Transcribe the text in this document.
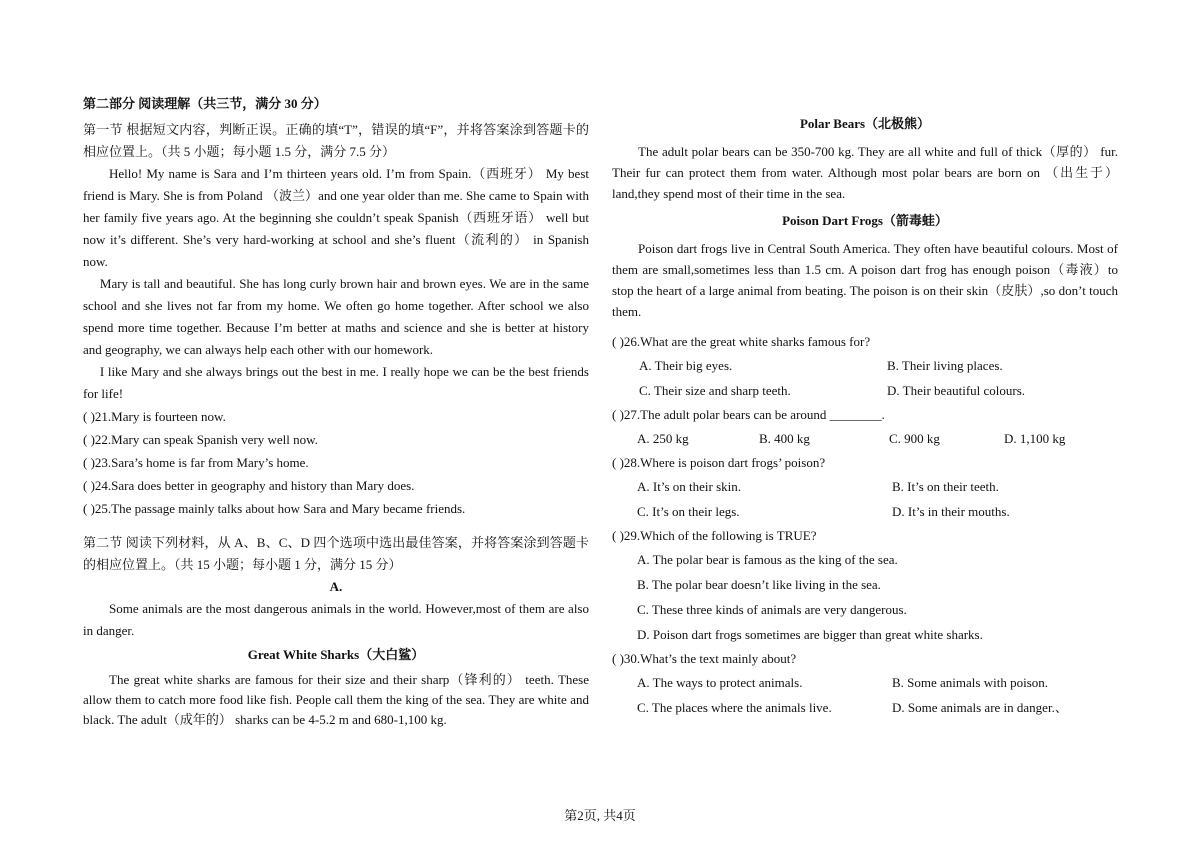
第二部分 阅读理解（共三节，满分 30 分）

第一节 根据短文内容，判断正误。正确的填“T”，错误的填“F”，并将答案涂到答题卡的相应位置上。（共 5 小题；每小题 1.5 分，满分 7.5 分）

Hello! My name is Sara and I’m thirteen years old. I’m from Spain.（西班牙） My best friend is Mary. She is from Poland （波兰）and one year older than me. She came to Spain with her family five years ago. At the beginning she couldn’t speak Spanish（西班牙语） well but now it’s different. She’s very hard-working at school and she’s fluent（流利的） in Spanish now.

Mary is tall and beautiful. She has long curly brown hair and brown eyes. We are in the same school and she lives not far from my home. We often go home together. After school we also spend more time together. Because I’m better at maths and science and she is better at history and geography, we can always help each other with our homework.

I like Mary and she always brings out the best in me. I really hope we can be the best friends for life!

( )21.Mary is fourteen now.

( )22.Mary can speak Spanish very well now.

( )23.Sara’s home is far from Mary’s home.

( )24.Sara does better in geography and history than Mary does.

( )25.The passage mainly talks about how Sara and Mary became friends.

第二节 阅读下列材料，从 A、B、C、D 四个选项中选出最佳答案，并将答案涂到答题卡的相应位置上。（共 15 小题；每小题 1 分，满分 15 分）

A.

Some animals are the most dangerous animals in the world. However,most of them are also in danger.

Great White Sharks（大白鲨）

The great white sharks are famous for their size and their sharp（锋利的） teeth. These allow them to catch more food like fish. People call them the king of the sea. They are white and black. The adult（成年的） sharks can be 4-5.2 m and 680-1,100 kg.

Polar Bears（北极熊）

The adult polar bears can be 350-700 kg. They are all white and full of thick（厚的） fur. Their fur can protect them from water. Although most polar bears are born on （出生于）land,they spend most of their time in the sea.

Poison Dart Frogs（箭毒蛙）

Poison dart frogs live in Central South America. They often have beautiful colours. Most of them are small,sometimes less than 1.5 cm. A poison dart frog has enough poison（毒液）to stop the heart of a large animal from beating. The poison is on their skin（皮肤）,so don’t touch them.

( )26.What are the great white sharks famous for?

A. Their big eyes.	B. Their living places.
C. Their size and sharp teeth.	D. Their beautiful colours.

( )27.The adult polar bears can be around ________.

A. 250 kg	B. 400 kg	C. 900 kg	D. 1,100 kg

( )28.Where is poison dart frogs’ poison?

A. It’s on their skin.	B. It’s on their teeth.
C. It’s on their legs.	D. It’s in their mouths.

( )29.Which of the following is TRUE?

A. The polar bear is famous as the king of the sea.
B. The polar bear doesn’t like living in the sea.
C. These three kinds of animals are very dangerous.
D. Poison dart frogs sometimes are bigger than great white sharks.

( )30.What’s the text mainly about?

A. The ways to protect animals.	B. Some animals with poison.
C. The places where the animals live.	D. Some animals are in danger.、
第2页, 共4页
